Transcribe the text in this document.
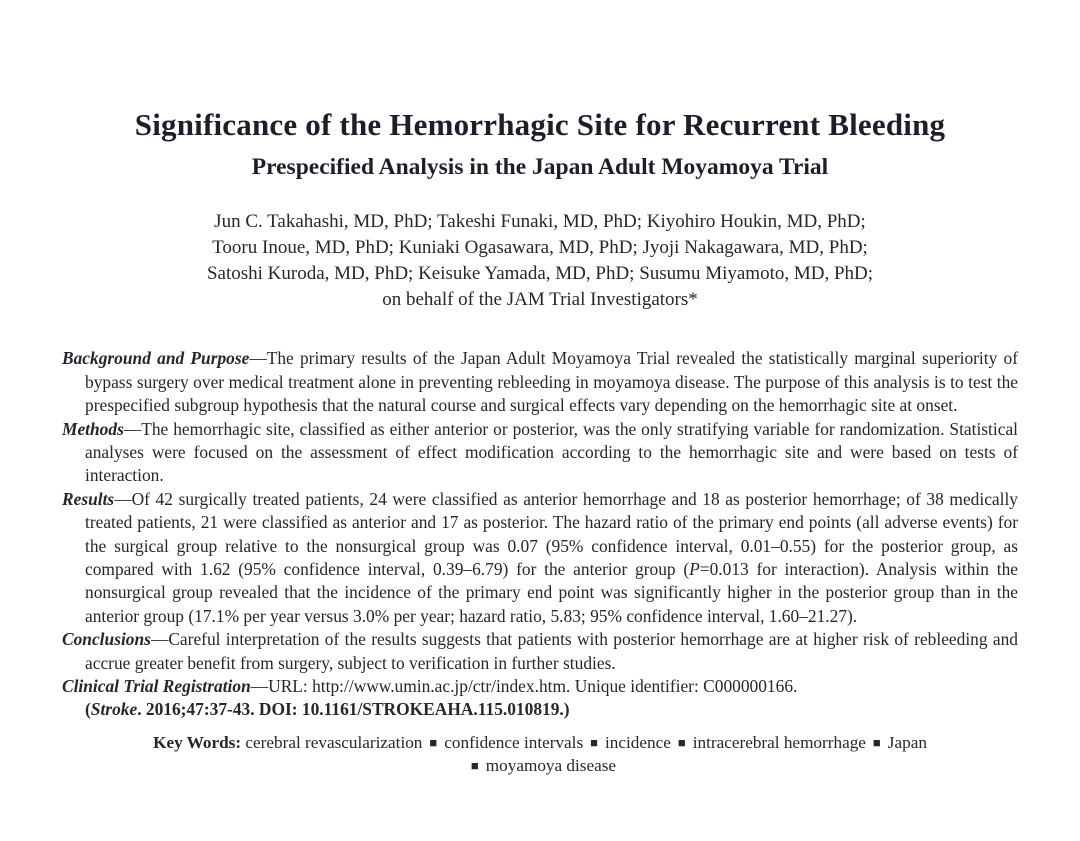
Significance of the Hemorrhagic Site for Recurrent Bleeding
Prespecified Analysis in the Japan Adult Moyamoya Trial
Jun C. Takahashi, MD, PhD; Takeshi Funaki, MD, PhD; Kiyohiro Houkin, MD, PhD;
Tooru Inoue, MD, PhD; Kuniaki Ogasawara, MD, PhD; Jyoji Nakagawara, MD, PhD;
Satoshi Kuroda, MD, PhD; Keisuke Yamada, MD, PhD; Susumu Miyamoto, MD, PhD;
on behalf of the JAM Trial Investigators*

Background and Purpose—The primary results of the Japan Adult Moyamoya Trial revealed the statistically marginal superiority of bypass surgery over medical treatment alone in preventing rebleeding in moyamoya disease. The purpose of this analysis is to test the prespecified subgroup hypothesis that the natural course and surgical effects vary depending on the hemorrhagic site at onset.

Methods—The hemorrhagic site, classified as either anterior or posterior, was the only stratifying variable for randomization. Statistical analyses were focused on the assessment of effect modification according to the hemorrhagic site and were based on tests of interaction.

Results—Of 42 surgically treated patients, 24 were classified as anterior hemorrhage and 18 as posterior hemorrhage; of 38 medically treated patients, 21 were classified as anterior and 17 as posterior. The hazard ratio of the primary end points (all adverse events) for the surgical group relative to the nonsurgical group was 0.07 (95% confidence interval, 0.01–0.55) for the posterior group, as compared with 1.62 (95% confidence interval, 0.39–6.79) for the anterior group (P=0.013 for interaction). Analysis within the nonsurgical group revealed that the incidence of the primary end point was significantly higher in the posterior group than in the anterior group (17.1% per year versus 3.0% per year; hazard ratio, 5.83; 95% confidence interval, 1.60–21.27).

Conclusions—Careful interpretation of the results suggests that patients with posterior hemorrhage are at higher risk of rebleeding and accrue greater benefit from surgery, subject to verification in further studies.

Clinical Trial Registration—URL: http://www.umin.ac.jp/ctr/index.htm. Unique identifier: C000000166.

(Stroke. 2016;47:37-43. DOI: 10.1161/STROKEAHA.115.010819.)

Key Words: cerebral revascularization ■ confidence intervals ■ incidence ■ intracerebral hemorrhage ■ Japan
■ moyamoya disease
